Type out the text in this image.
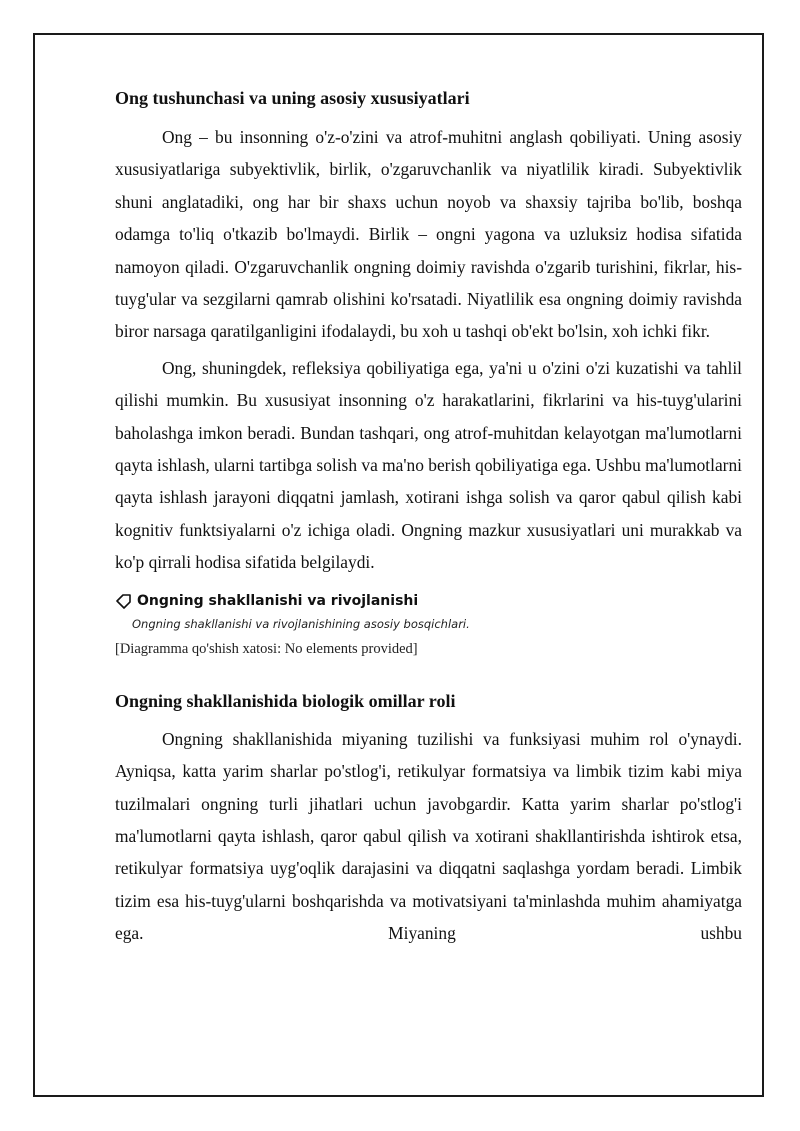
Ong tushunchasi va uning asosiy xususiyatlari

Ong – bu insonning o'z-o'zini va atrof-muhitni anglash qobiliyati. Uning asosiy xususiyatlariga subyektivlik, birlik, o'zgaruvchanlik va niyatlilik kiradi. Subyektivlik shuni anglatadiki, ong har bir shaxs uchun noyob va shaxsiy tajriba bo'lib, boshqa odamga to'liq o'tkazib bo'lmaydi. Birlik – ongni yagona va uzluksiz hodisa sifatida namoyon qiladi. O'zgaruvchanlik ongning doimiy ravishda o'zgarib turishini, fikrlar, his-tuyg'ular va sezgilarni qamrab olishini ko'rsatadi. Niyatlilik esa ongning doimiy ravishda biror narsaga qaratilganligini ifodalaydi, bu xoh u tashqi ob'ekt bo'lsin, xoh ichki fikr.

Ong, shuningdek, refleksiya qobiliyatiga ega, ya'ni u o'zini o'zi kuzatishi va tahlil qilishi mumkin. Bu xususiyat insonning o'z harakatlarini, fikrlarini va his-tuyg'ularini baholashga imkon beradi. Bundan tashqari, ong atrof-muhitdan kelayotgan ma'lumotlarni qayta ishlash, ularni tartibga solish va ma'no berish qobiliyatiga ega. Ushbu ma'lumotlarni qayta ishlash jarayoni diqqatni jamlash, xotirani ishga solish va qaror qabul qilish kabi kognitiv funktsiyalarni o'z ichiga oladi. Ongning mazkur xususiyatlari uni murakkab va ko'p qirrali hodisa sifatida belgilaydi.

Ongning shakllanishi va rivojlanishi
Ongning shakllanishi va rivojlanishining asosiy bosqichlari.
[Diagramma qo'shish xatosi: No elements provided]
Ongning shakllanishida biologik omillar roli

Ongning shakllanishida miyaning tuzilishi va funksiyasi muhim rol o'ynaydi. Ayniqsa, katta yarim sharlar po'stlog'i, retikulyar formatsiya va limbik tizim kabi miya tuzilmalari ongning turli jihatlari uchun javobgardir. Katta yarim sharlar po'stlog'i ma'lumotlarni qayta ishlash, qaror qabul qilish va xotirani shakllantirishda ishtirok etsa, retikulyar formatsiya uyg'oqlik darajasini va diqqatni saqlashga yordam beradi. Limbik tizim esa his-tuyg'ularni boshqarishda va motivatsiyani ta'minlashda muhim ahamiyatga ega. Miyaning ushbu
